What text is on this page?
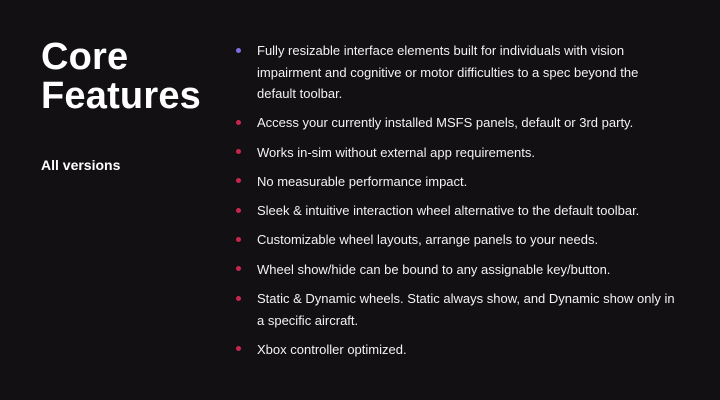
Core
Features
All versions
Fully resizable interface elements built for individuals with vision impairment and cognitive or motor difficulties to a spec beyond the default toolbar.
Access your currently installed MSFS panels, default or 3rd party.
Works in-sim without external app requirements.
No measurable performance impact.
Sleek & intuitive interaction wheel alternative to the default toolbar.
Customizable wheel layouts, arrange panels to your needs.
Wheel show/hide can be bound to any assignable key/button.
Static & Dynamic wheels. Static always show, and Dynamic show only in a specific aircraft.
Xbox controller optimized.
